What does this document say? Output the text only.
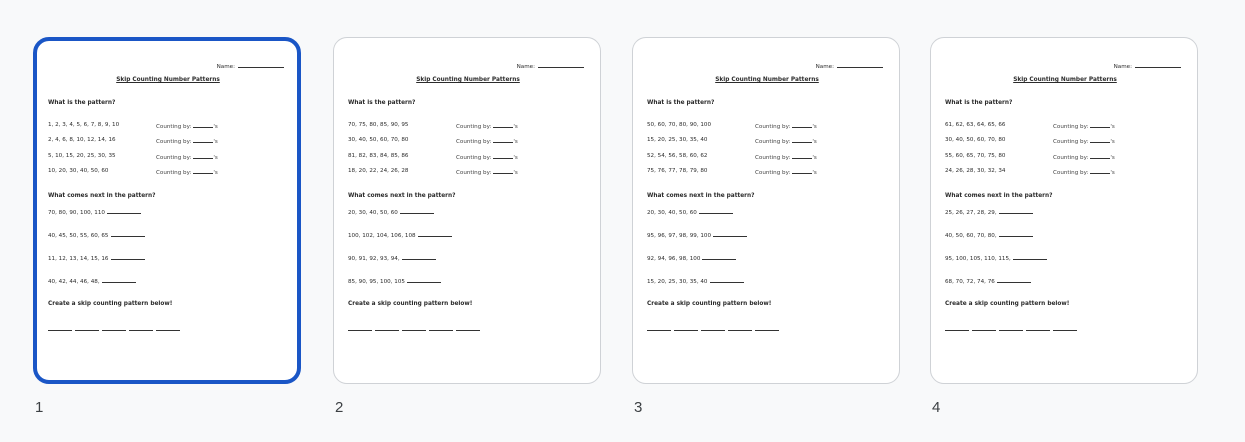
Name:
Skip Counting Number Patterns
What is the pattern?
1, 2, 3, 4, 5, 6, 7, 8, 9, 10	Counting by:	's
2, 4, 6, 8, 10, 12, 14, 16	Counting by:	's
5, 10, 15, 20, 25, 30, 35	Counting by:	's
10, 20, 30, 40, 50, 60	Counting by:	's
What comes next in the pattern?
70, 80, 90, 100, 110
40, 45, 50, 55, 60, 65
11, 12, 13, 14, 15, 16
40, 42, 44, 46, 48,
Create a skip counting pattern below!
1
Name:
Skip Counting Number Patterns
What is the pattern?
70, 75, 80, 85, 90, 95	Counting by:	's
30, 40, 50, 60, 70, 80	Counting by:	's
81, 82, 83, 84, 85, 86	Counting by:	's
18, 20, 22, 24, 26, 28	Counting by:	's
What comes next in the pattern?
20, 30, 40, 50, 60
100, 102, 104, 106, 108
90, 91, 92, 93, 94,
85, 90, 95, 100, 105
Create a skip counting pattern below!
2
Name:
Skip Counting Number Patterns
What is the pattern?
50, 60, 70, 80, 90, 100	Counting by:	's
15, 20, 25, 30, 35, 40	Counting by:	's
52, 54, 56, 58, 60, 62	Counting by:	's
75, 76, 77, 78, 79, 80	Counting by:	's
What comes next in the pattern?
20, 30, 40, 50, 60
95, 96, 97, 98, 99, 100
92, 94, 96, 98, 100
15, 20, 25, 30, 35, 40
Create a skip counting pattern below!
3
Name:
Skip Counting Number Patterns
What is the pattern?
61, 62, 63, 64, 65, 66	Counting by:	's
30, 40, 50, 60, 70, 80	Counting by:	's
55, 60, 65, 70, 75, 80	Counting by:	's
24, 26, 28, 30, 32, 34	Counting by:	's
What comes next in the pattern?
25, 26, 27, 28, 29,
40, 50, 60, 70, 80,
95, 100, 105, 110, 115,
68, 70, 72, 74, 76
Create a skip counting pattern below!
4
